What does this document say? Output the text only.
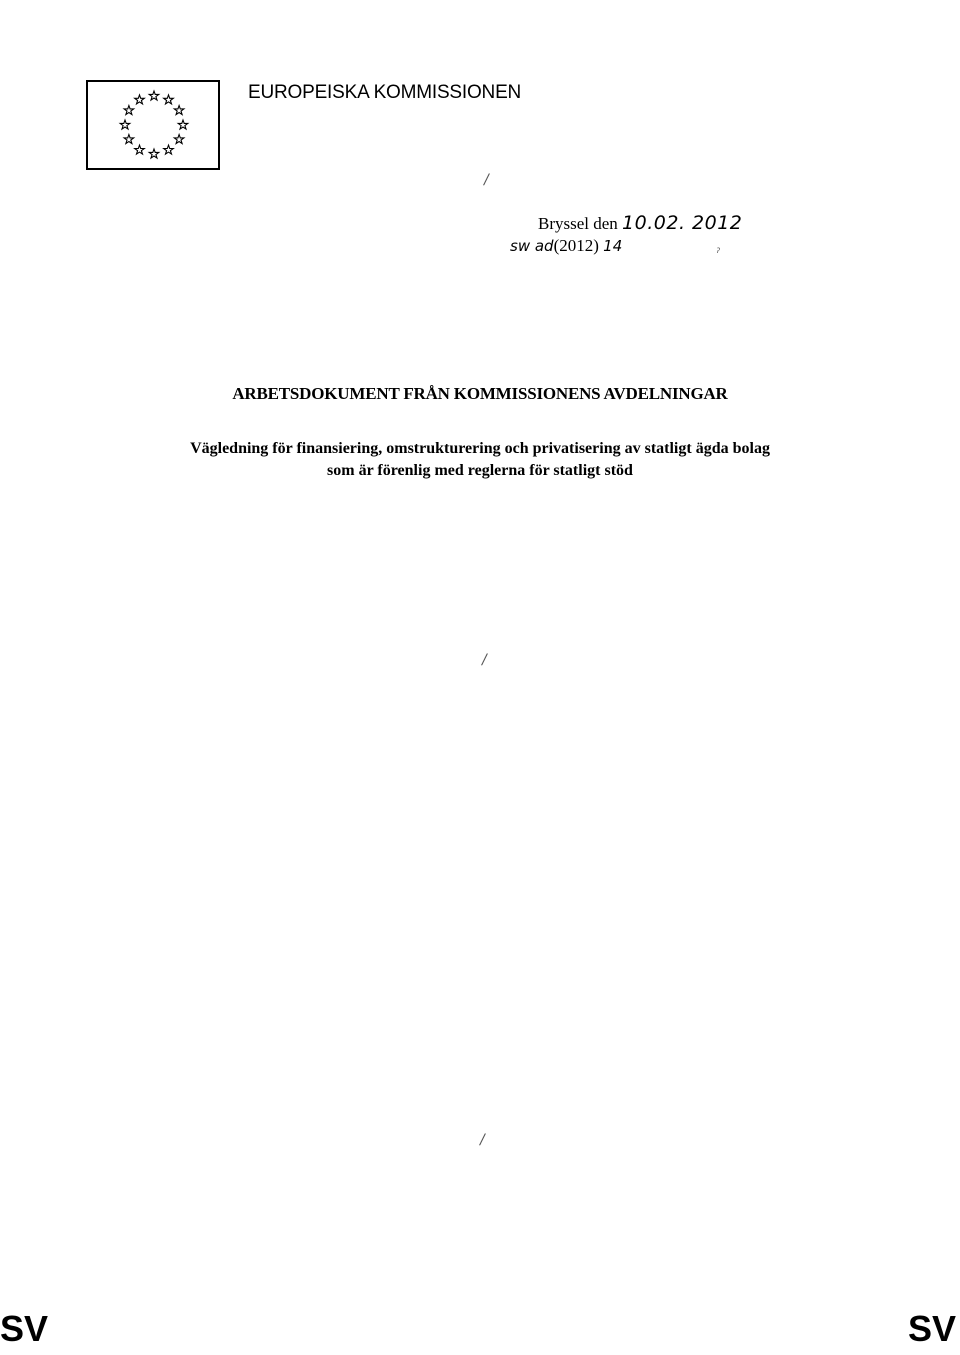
EUROPEISKA KOMMISSIONEN
/
Bryssel den 10.02. 2012
sw ad(2012) 14	ˀ
ARBETSDOKUMENT FRÅN KOMMISSIONENS AVDELNINGAR
Vägledning för finansiering, omstrukturering och privatisering av statligt ägda bolag
som är förenlig med reglerna för statligt stöd
/
/
SV	SV
